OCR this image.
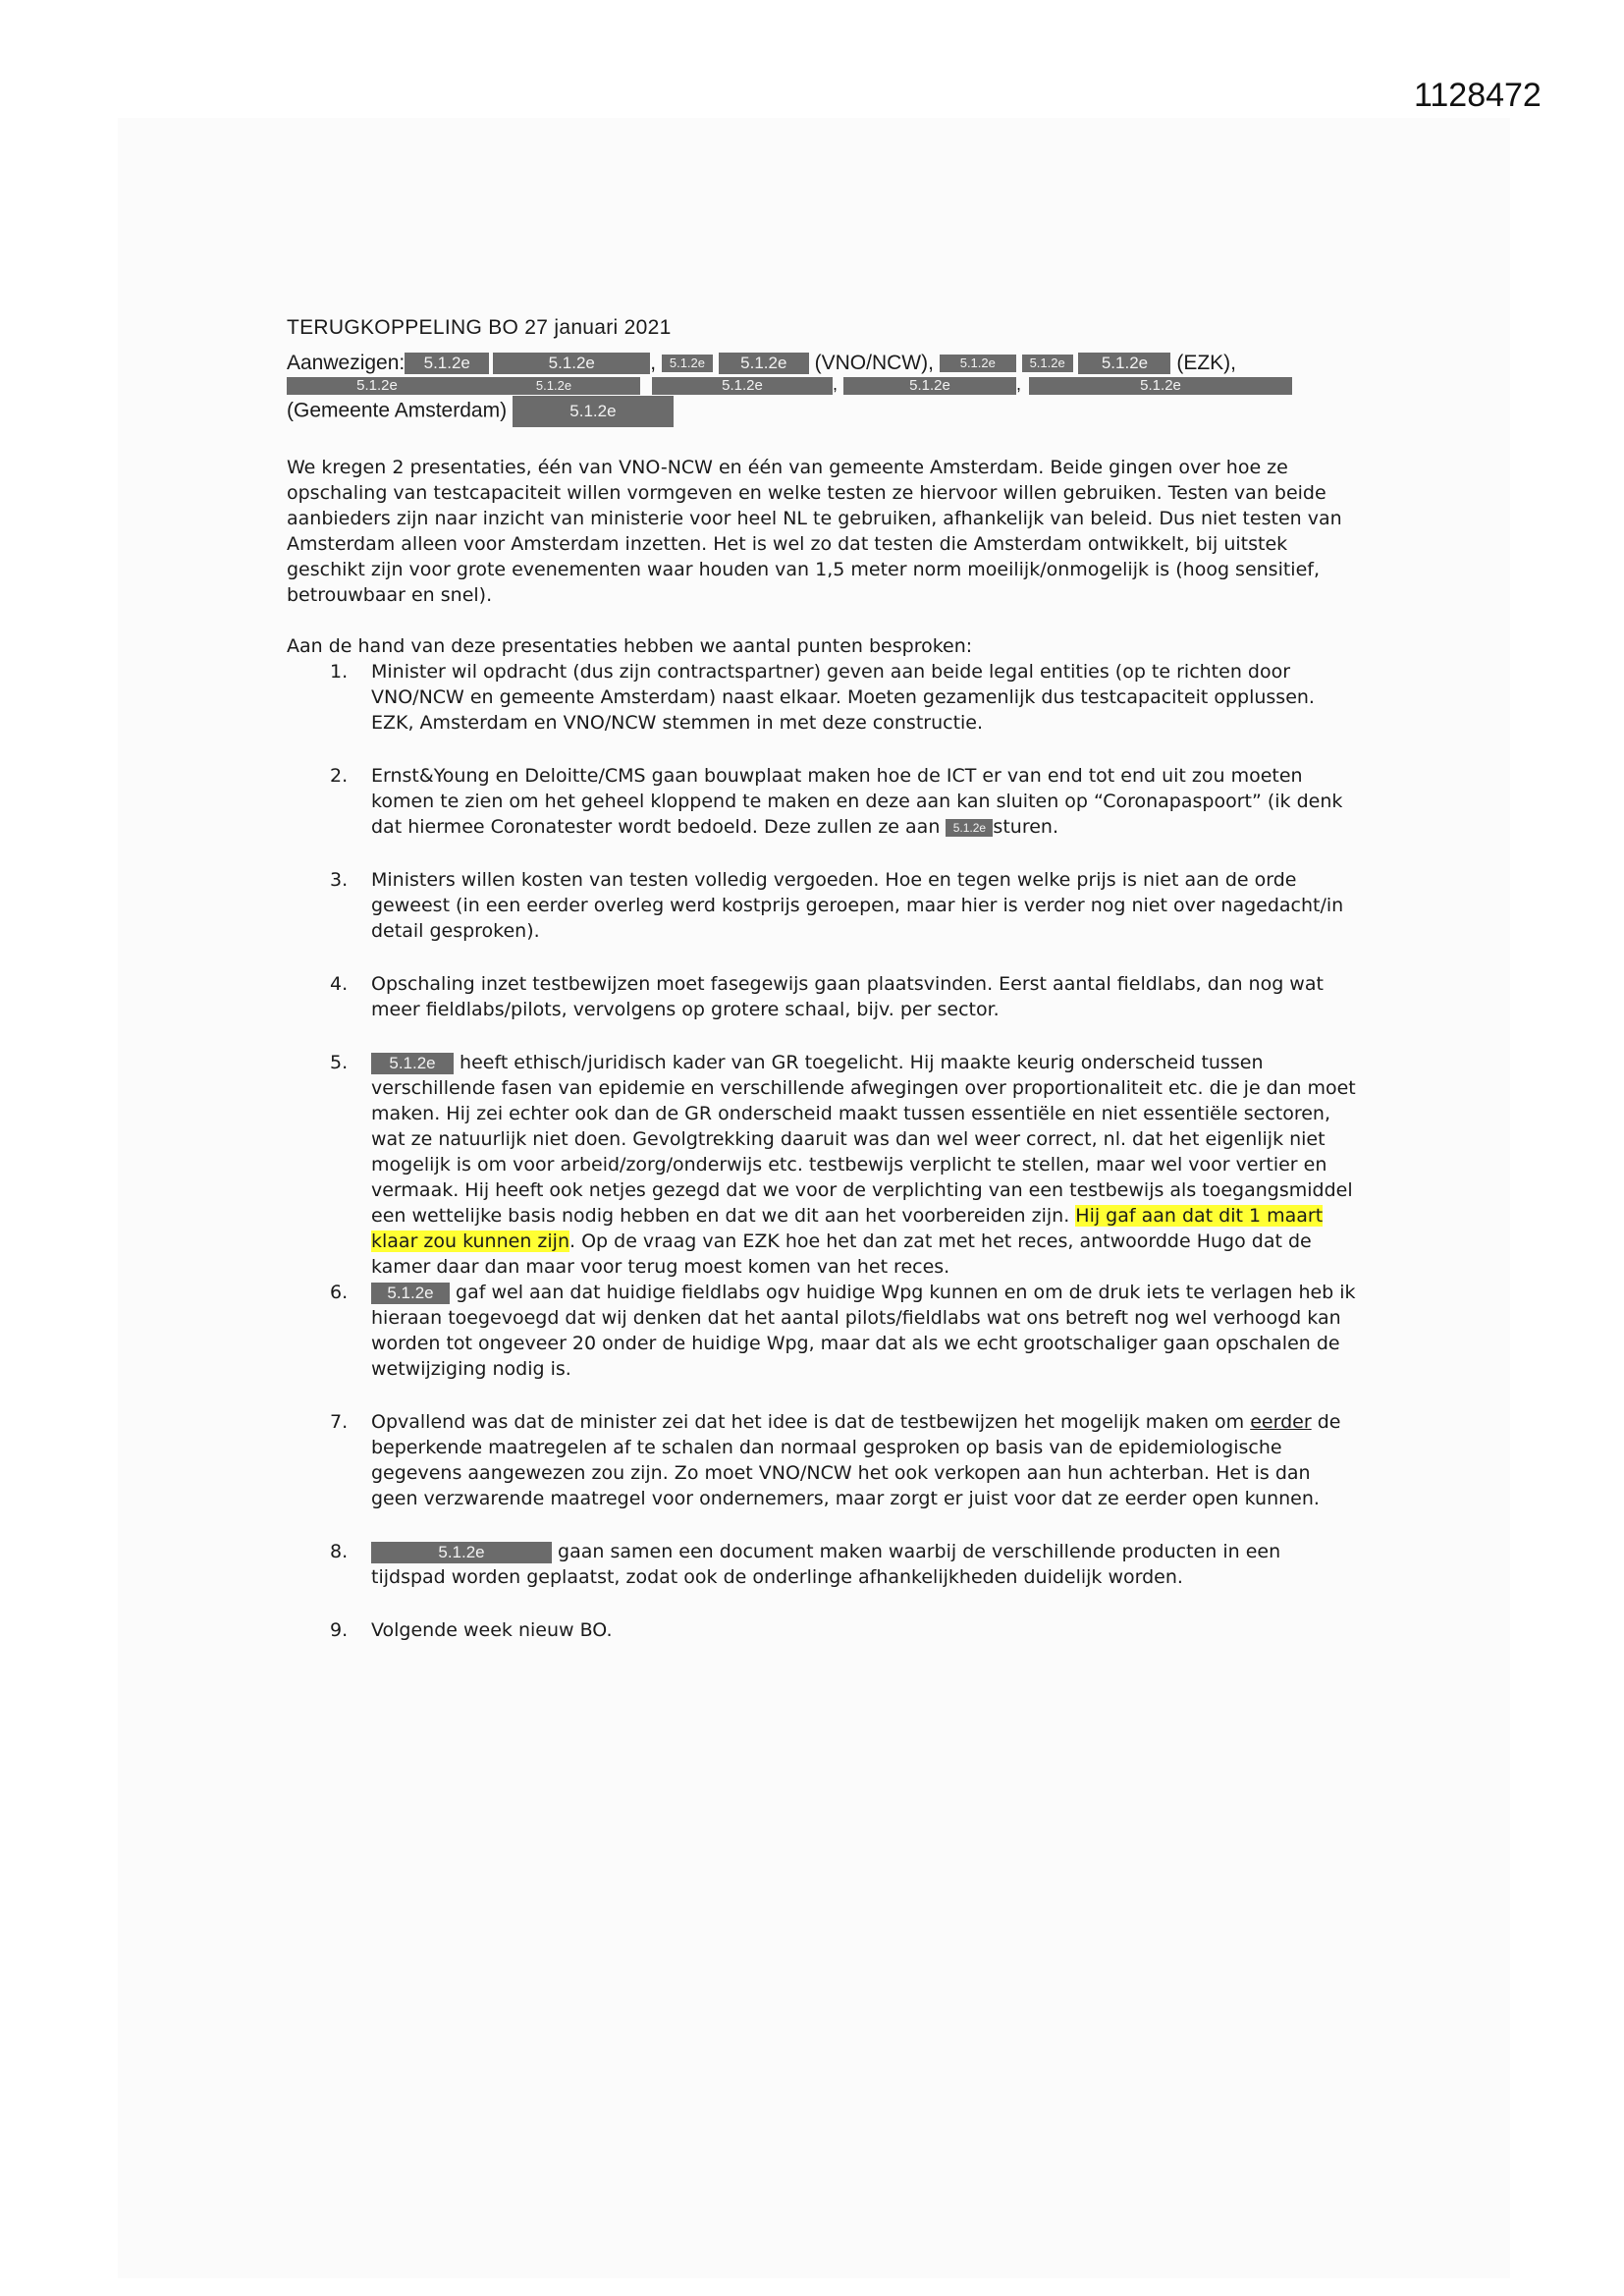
1128472
TERUGKOPPELING BO 27 januari 2021
Aanwezigen: 5.1.2e	5.1.2e	, 5.1.2e 5.1.2e (VNO/NCW), 5.1.2e	5.1.2e 5.1.2e (EZK),
5.1.2e	5.1.2e	5.1.2e	,	5.1.2e	,	5.1.2e
(Gemeente Amsterdam)	5.1.2e

We kregen 2 presentaties, één van VNO-NCW en één van gemeente Amsterdam. Beide gingen over hoe ze opschaling van testcapaciteit willen vormgeven en welke testen ze hiervoor willen gebruiken. Testen van beide aanbieders zijn naar inzicht van ministerie voor heel NL te gebruiken, afhankelijk van beleid. Dus niet testen van Amsterdam alleen voor Amsterdam inzetten. Het is wel zo dat testen die Amsterdam ontwikkelt, bij uitstek geschikt zijn voor grote evenementen waar houden van 1,5 meter norm moeilijk/onmogelijk is (hoog sensitief, betrouwbaar en snel).

Aan de hand van deze presentaties hebben we aantal punten besproken:

1. Minister wil opdracht (dus zijn contractspartner) geven aan beide legal entities (op te richten door VNO/NCW en gemeente Amsterdam) naast elkaar. Moeten gezamenlijk dus testcapaciteit opplussen. EZK, Amsterdam en VNO/NCW stemmen in met deze constructie.
2. Ernst&Young en Deloitte/CMS gaan bouwplaat maken hoe de ICT er van end tot end uit zou moeten komen te zien om het geheel kloppend te maken en deze aan kan sluiten op “Coronapaspoort” (ik denk dat hiermee Coronatester wordt bedoeld. Deze zullen ze aan 5.1.2e sturen.
3. Ministers willen kosten van testen volledig vergoeden. Hoe en tegen welke prijs is niet aan de orde geweest (in een eerder overleg werd kostprijs geroepen, maar hier is verder nog niet over nagedacht/in detail gesproken).
4. Opschaling inzet testbewijzen moet fasegewijs gaan plaatsvinden. Eerst aantal fieldlabs, dan nog wat meer fieldlabs/pilots, vervolgens op grotere schaal, bijv. per sector.
5. 5.1.2e heeft ethisch/juridisch kader van GR toegelicht. Hij maakte keurig onderscheid tussen verschillende fasen van epidemie en verschillende afwegingen over proportionaliteit etc. die je dan moet maken. Hij zei echter ook dan de GR onderscheid maakt tussen essentiële en niet essentiële sectoren, wat ze natuurlijk niet doen. Gevolgtrekking daaruit was dan wel weer correct, nl. dat het eigenlijk niet mogelijk is om voor arbeid/zorg/onderwijs etc. testbewijs verplicht te stellen, maar wel voor vertier en vermaak. Hij heeft ook netjes gezegd dat we voor de verplichting van een testbewijs als toegangsmiddel een wettelijke basis nodig hebben en dat we dit aan het voorbereiden zijn. Hij gaf aan dat dit 1 maart klaar zou kunnen zijn. Op de vraag van EZK hoe het dan zat met het reces, antwoordde Hugo dat de kamer daar dan maar voor terug moest komen van het reces.
6. 5.1.2e gaf wel aan dat huidige fieldlabs ogv huidige Wpg kunnen en om de druk iets te verlagen heb ik hieraan toegevoegd dat wij denken dat het aantal pilots/fieldlabs wat ons betreft nog wel verhoogd kan worden tot ongeveer 20 onder de huidige Wpg, maar dat als we echt grootschaliger gaan opschalen de wetwijziging nodig is.
7. Opvallend was dat de minister zei dat het idee is dat de testbewijzen het mogelijk maken om eerder de beperkende maatregelen af te schalen dan normaal gesproken op basis van de epidemiologische gegevens aangewezen zou zijn. Zo moet VNO/NCW het ook verkopen aan hun achterban. Het is dan geen verzwarende maatregel voor ondernemers, maar zorgt er juist voor dat ze eerder open kunnen.
8.	5.1.2e	gaan samen een document maken waarbij de verschillende producten in een tijdspad worden geplaatst, zodat ook de onderlinge afhankelijkheden duidelijk worden.
9. Volgende week nieuw BO.
